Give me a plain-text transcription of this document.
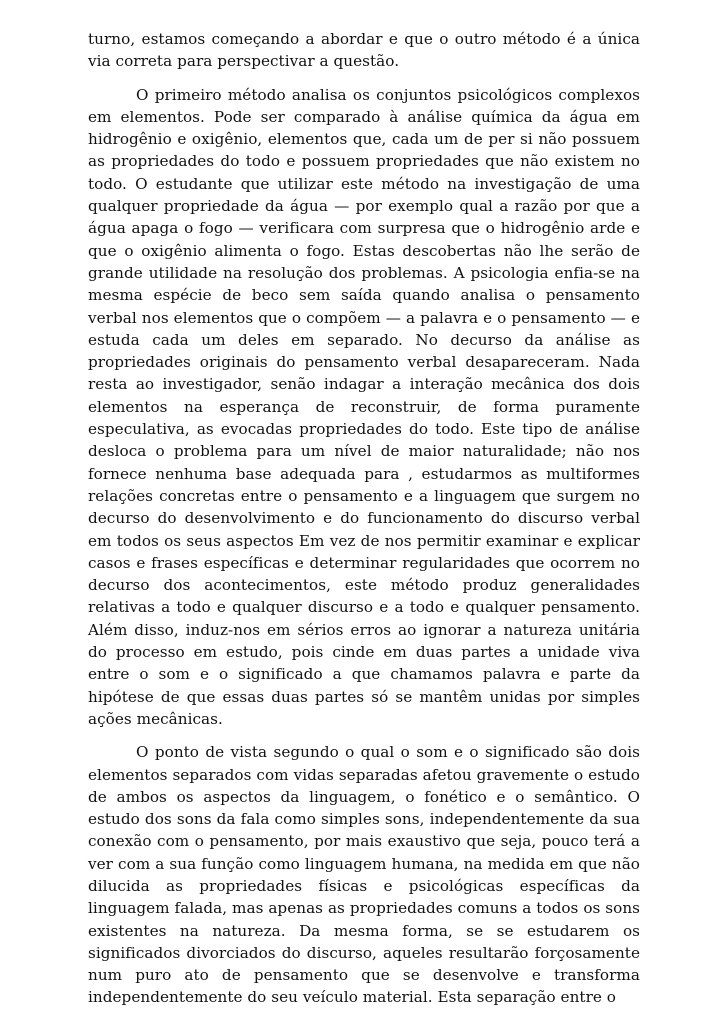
turno, estamos começando a abordar e que o outro método é a única via correta para perspectivar a questão.

O primeiro método analisa os conjuntos psicológicos complexos em elementos. Pode ser comparado à análise química da água em hidrogênio e oxigênio, elementos que, cada um de per si não possuem as propriedades do todo e possuem propriedades que não existem no todo. O estudante que utilizar este método na investigação de uma qualquer propriedade da água — por exemplo qual a razão por que a água apaga o fogo — verificara com surpresa que o hidrogênio arde e que o oxigênio alimenta o fogo. Estas descobertas não lhe serão de grande utilidade na resolução dos problemas. A psicologia enfia-se na mesma espécie de beco sem saída quando analisa o pensamento verbal nos elementos que o compõem — a palavra e o pensamento — e estuda cada um deles em separado. No decurso da análise as propriedades originais do pensamento verbal desapareceram. Nada resta ao investigador, senão indagar a interação mecânica dos dois elementos na esperança de reconstruir, de forma puramente especulativa, as evocadas propriedades do todo. Este tipo de análise desloca o problema para um nível de maior naturalidade; não nos fornece nenhuma base adequada para , estudarmos as multiformes relações concretas entre o pensamento e a linguagem que surgem no decurso do desenvolvimento e do funcionamento do discurso verbal em todos os seus aspectos Em vez de nos permitir examinar e explicar casos e frases específicas e determinar regularidades que ocorrem no decurso dos acontecimentos, este método produz generalidades relativas a todo e qualquer discurso e a todo e qualquer pensamento. Além disso, induz-nos em sérios erros ao ignorar a natureza unitária do processo em estudo, pois cinde em duas partes a unidade viva entre o som e o significado a que chamamos palavra e parte da hipótese de que essas duas partes só se mantêm unidas por simples ações mecânicas.

O ponto de vista segundo o qual o som e o significado são dois elementos separados com vidas separadas afetou gravemente o estudo de ambos os aspectos da linguagem, o fonético e o semântico. O estudo dos sons da fala como simples sons, independentemente da sua conexão com o pensamento, por mais exaustivo que seja, pouco terá a ver com a sua função como linguagem humana, na medida em que não dilucida as propriedades físicas e psicológicas específicas da linguagem falada, mas apenas as propriedades comuns a todos os sons existentes na natureza. Da mesma forma, se se estudarem os significados divorciados do discurso, aqueles resultarão forçosamente num puro ato de pensamento que se desenvolve e transforma independentemente do seu veículo material. Esta separação entre o
